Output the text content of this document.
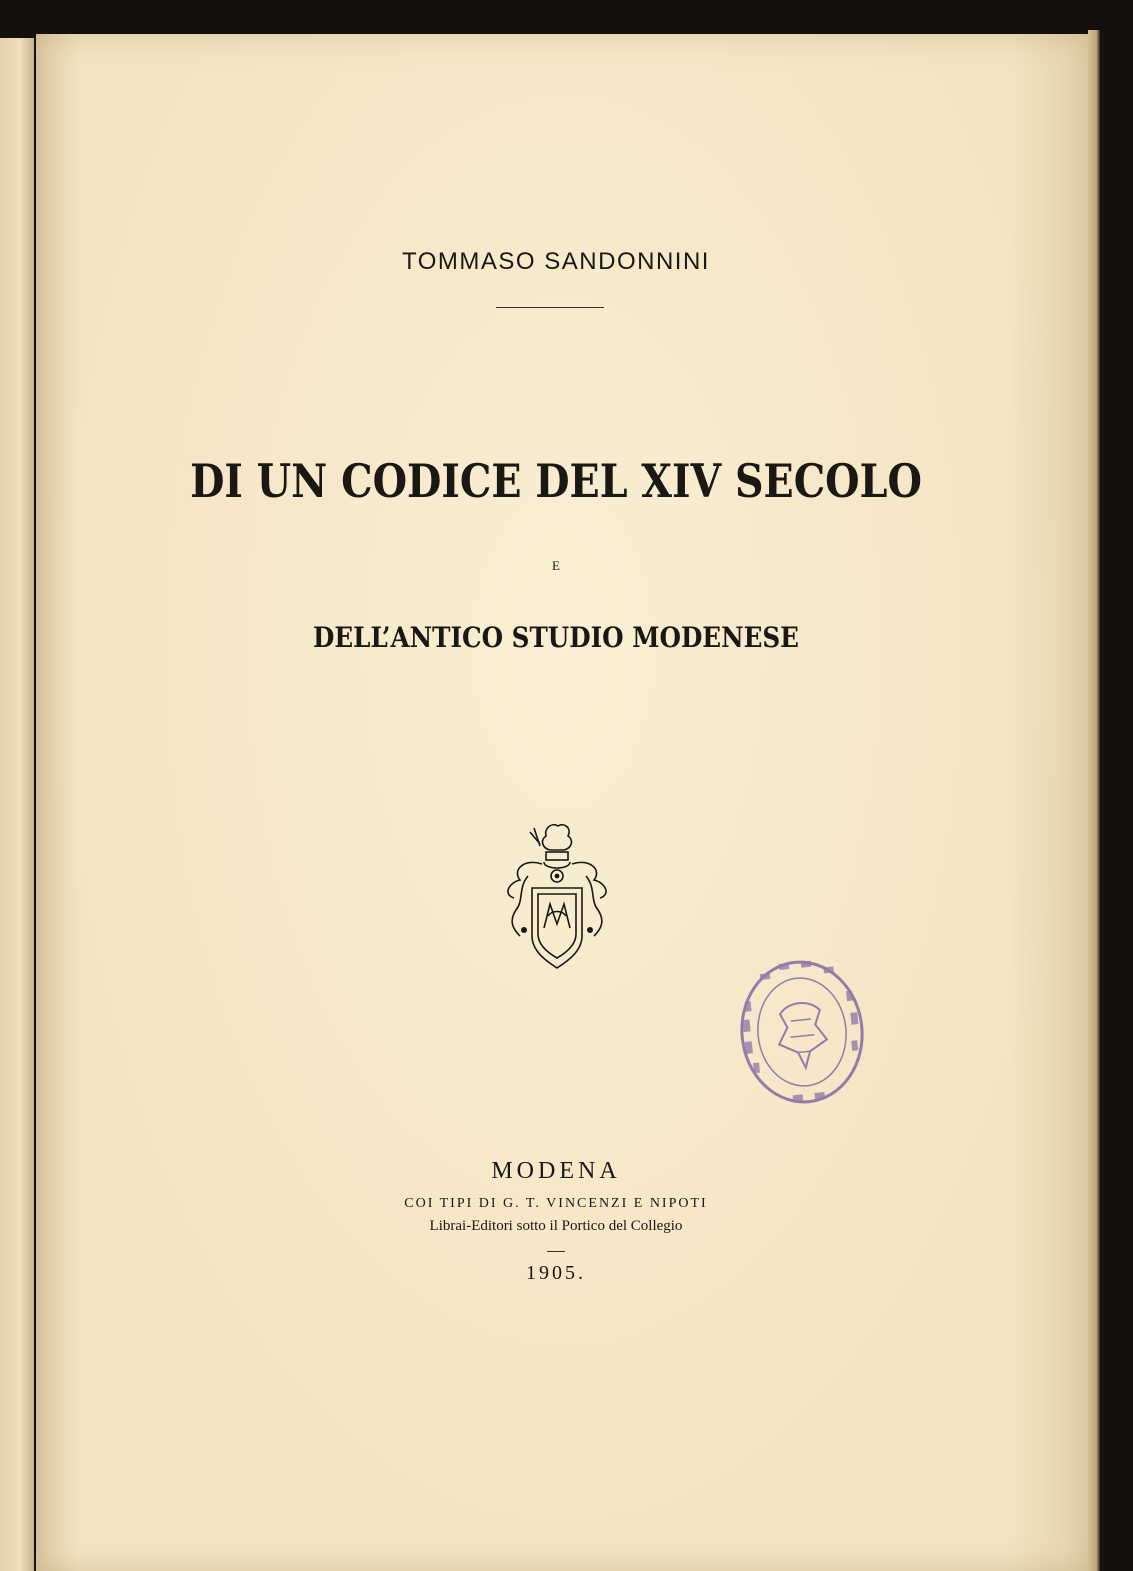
TOMMASO SANDONNINI
DI UN CODICE DEL XIV SECOLO
E
DELL’ANTICO STUDIO MODENESE
MODENA
COI TIPI DI G. T. VINCENZI E NIPOTI
Librai-Editori sotto il Portico del Collegio
1905.
